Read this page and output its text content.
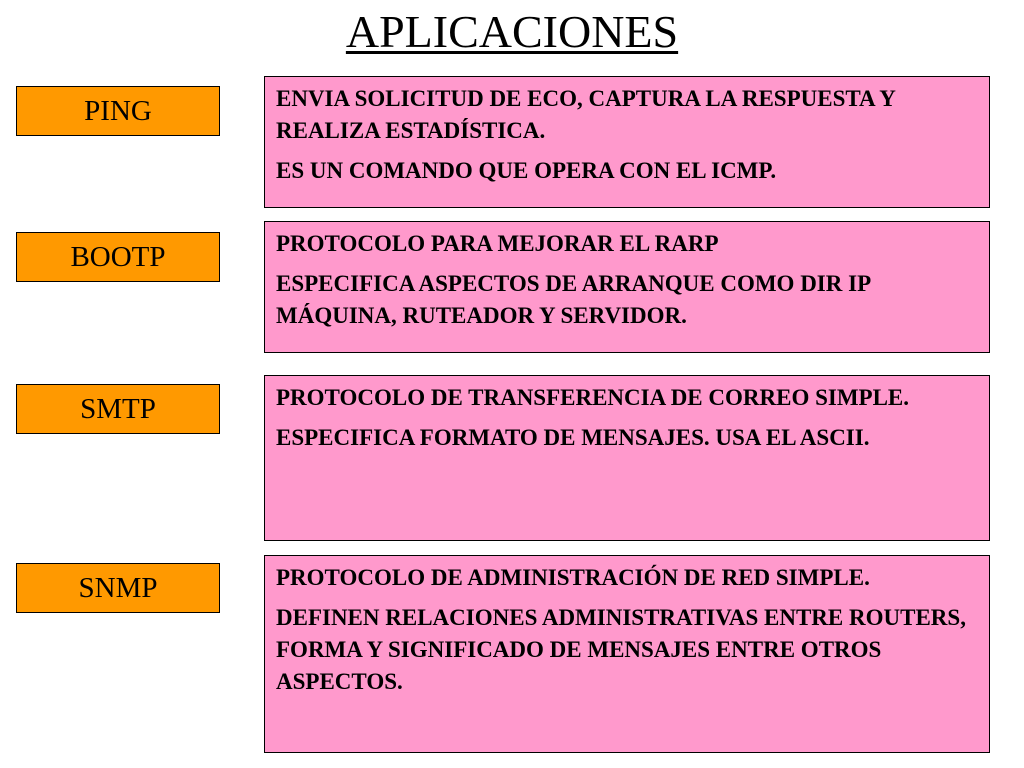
APLICACIONES
PING	ENVIA SOLICITUD DE ECO, CAPTURA LA RESPUESTA Y REALIZA ESTADÍSTICA.

ES UN COMANDO QUE OPERA CON EL ICMP.

BOOTP	PROTOCOLO PARA MEJORAR EL RARP

ESPECIFICA ASPECTOS DE ARRANQUE COMO DIR IP MÁQUINA, RUTEADOR Y SERVIDOR.

SMTP	PROTOCOLO DE TRANSFERENCIA DE CORREO SIMPLE.

ESPECIFICA FORMATO DE MENSAJES. USA EL ASCII.

SNMP	PROTOCOLO DE ADMINISTRACIÓN DE RED SIMPLE.

DEFINEN RELACIONES ADMINISTRATIVAS ENTRE ROUTERS, FORMA Y SIGNIFICADO DE MENSAJES ENTRE OTROS ASPECTOS.
